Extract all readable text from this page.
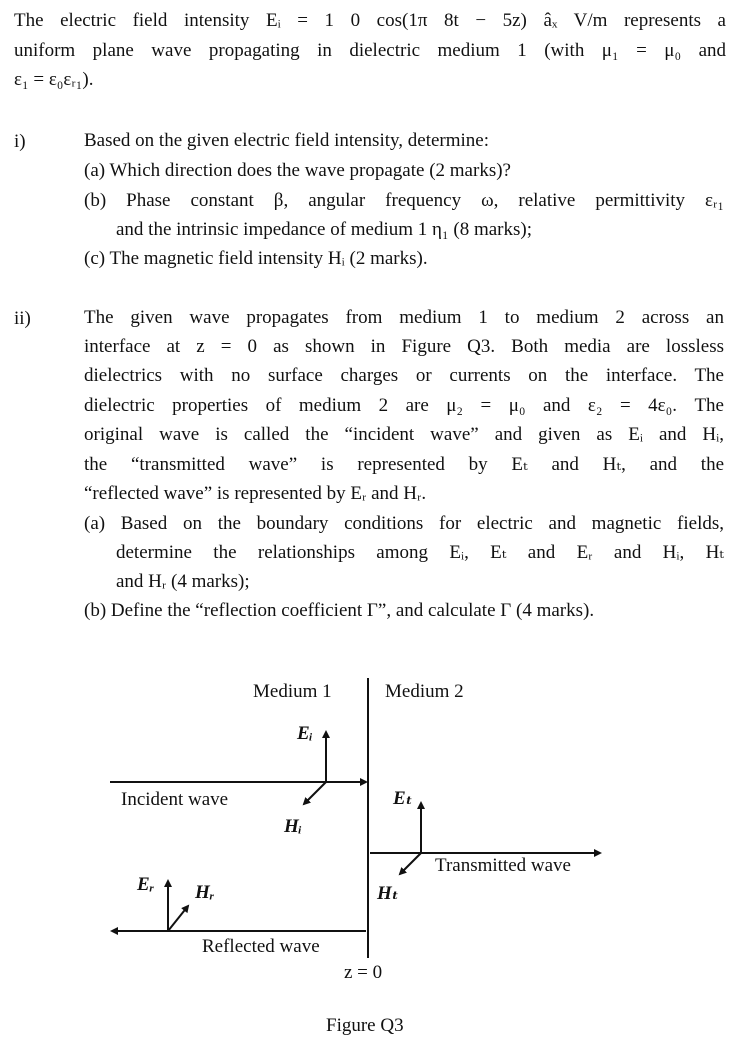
The electric field intensity Eᵢ = 1 0 cos(1π 8t − 5z) âₓ V/m represents a
uniform plane wave propagating in dielectric medium 1 (with μ₁ = μ₀ and
ε₁ = ε₀εᵣ₁).
i)	Based on the given electric field intensity, determine:
(a) Which direction does the wave propagate (2 marks)?
(b) Phase constant β, angular frequency ω, relative permittivity εᵣ₁
and the intrinsic impedance of medium 1 η₁ (8 marks);
(c) The magnetic field intensity Hᵢ (2 marks).
ii)	The given wave propagates from medium 1 to medium 2 across an
interface at z = 0 as shown in Figure Q3. Both media are lossless
dielectrics with no surface charges or currents on the interface. The
dielectric properties of medium 2 are μ₂ = μ₀ and ε₂ = 4ε₀. The
original wave is called the “incident wave” and given as Eᵢ and Hᵢ,
the “transmitted wave” is represented by Eₜ and Hₜ, and the
“reflected wave” is represented by Eᵣ and Hᵣ.
(a) Based on the boundary conditions for electric and magnetic fields,
determine the relationships among Eᵢ, Eₜ and Eᵣ and Hᵢ, Hₜ
and Hᵣ (4 marks);
(b) Define the “reflection coefficient Γ”, and calculate Γ (4 marks).
Medium 1	Medium 2
Incident wave
Eᵢ
Hᵢ
Transmitted wave
Eₜ
Hₜ
Reflected wave
Eᵣ Hᵣ
z = 0
Figure Q3
